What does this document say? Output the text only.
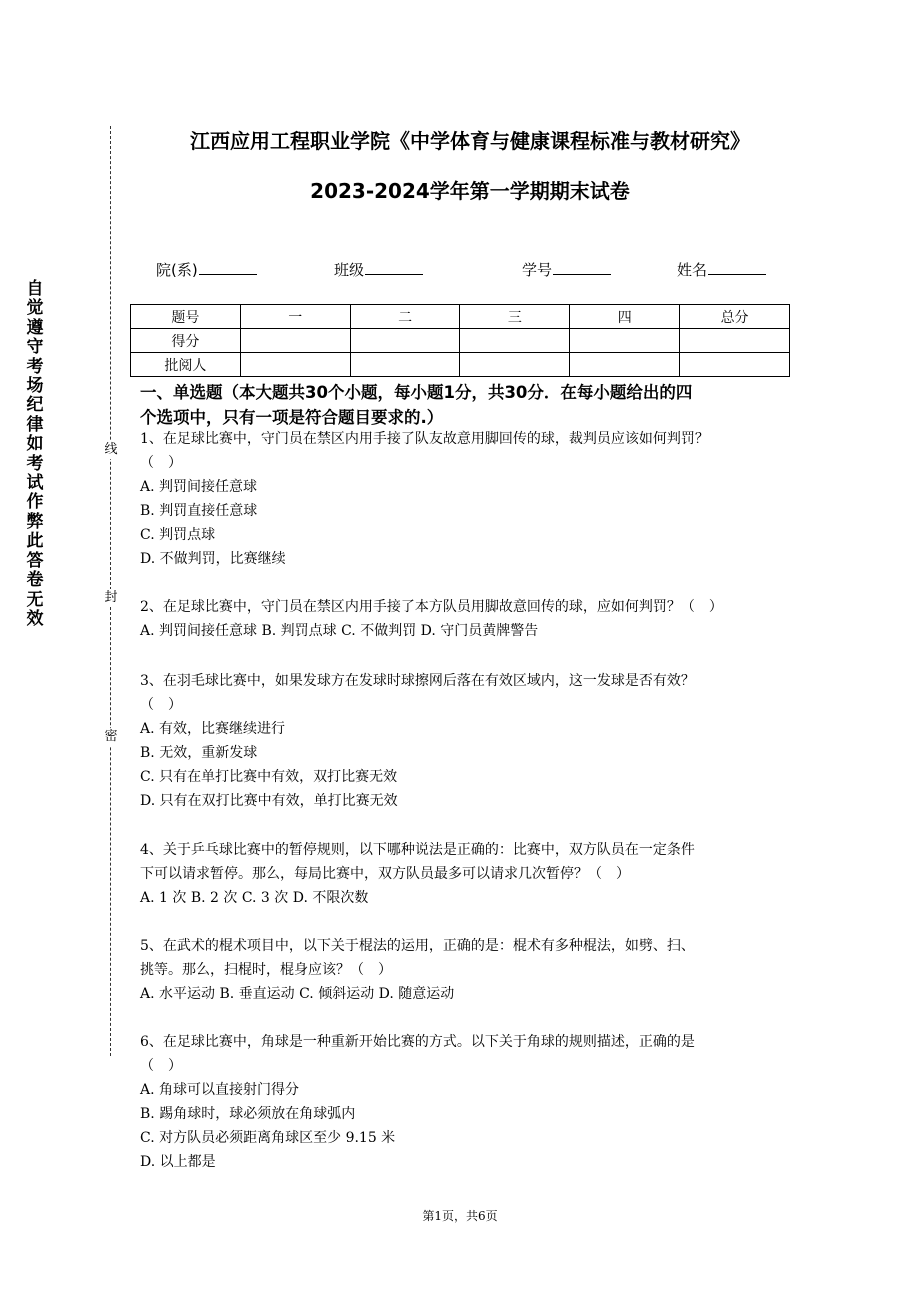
自觉遵守考场纪律如考试作弊此答卷无效
线
封
密
江西应用工程职业学院《中学体育与健康课程标准与教材研究》
2023-2024学年第一学期期末试卷
院(系)	班级	学号	姓名
题号	一	二	三	四	总分
得分					
批阅人					
一、单选题（本大题共30个小题，每小题1分，共30分．在每小题给出的四
个选项中，只有一项是符合题目要求的.）
1、在足球比赛中，守门员在禁区内用手接了队友故意用脚回传的球，裁判员应该如何判罚？
（　）
A. 判罚间接任意球
B. 判罚直接任意球
C. 判罚点球
D. 不做判罚，比赛继续
2、在足球比赛中，守门员在禁区内用手接了本方队员用脚故意回传的球，应如何判罚？（　）
A. 判罚间接任意球 B. 判罚点球 C. 不做判罚 D. 守门员黄牌警告
3、在羽毛球比赛中，如果发球方在发球时球擦网后落在有效区域内，这一发球是否有效？
（　）
A. 有效，比赛继续进行
B. 无效，重新发球
C. 只有在单打比赛中有效，双打比赛无效
D. 只有在双打比赛中有效，单打比赛无效
4、关于乒乓球比赛中的暂停规则，以下哪种说法是正确的：比赛中，双方队员在一定条件
下可以请求暂停。那么，每局比赛中，双方队员最多可以请求几次暂停？（　）
A. 1 次 B. 2 次 C. 3 次 D. 不限次数
5、在武术的棍术项目中，以下关于棍法的运用，正确的是：棍术有多种棍法，如劈、扫、
挑等。那么，扫棍时，棍身应该？（　）
A. 水平运动 B. 垂直运动 C. 倾斜运动 D. 随意运动
6、在足球比赛中，角球是一种重新开始比赛的方式。以下关于角球的规则描述，正确的是
（　）
A. 角球可以直接射门得分
B. 踢角球时，球必须放在角球弧内
C. 对方队员必须距离角球区至少 9.15 米
D. 以上都是
第1页，共6页
